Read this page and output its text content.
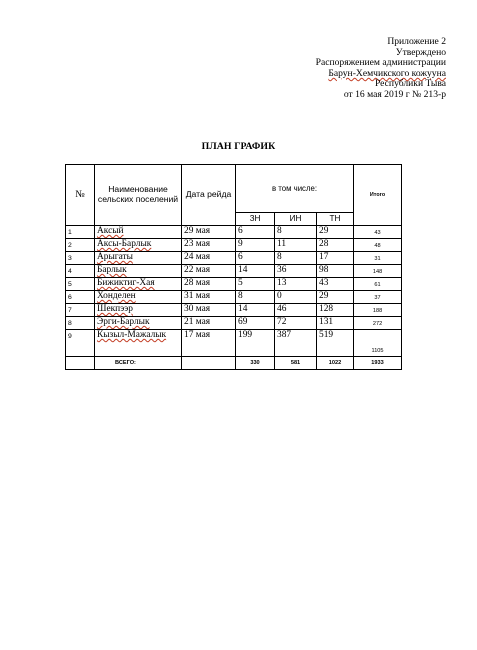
Приложение 2
Утверждено
Распоряжением администрации
Барун-Хемчикского кожууна
Республики Тыва
от 16 мая 2019 г № 213-р
ПЛАН ГРАФИК
№	Наименование сельских поселений	Дата рейда	в том числе:			Итого
			ЗН	ИН	ТН	
1	Аксый	29 мая	6	8	29	43
2	Аксы-Барлык	23 мая	9	11	28	48
3	Арыгаты	24 мая	6	8	17	31
4	Барлык	22 мая	14	36	98	148
5	Бижиктиг-Хая	28 мая	5	13	43	61
6	Хонделен	31 мая	8	0	29	37
7	Шекпээр	30 мая	14	46	128	188
8	Эрги-Барлык	21 мая	69	72	131	272
9	Кызыл-Мажалык	17 мая	199	387	519	1105
	ВСЕГО:		330	581	1022	1933
